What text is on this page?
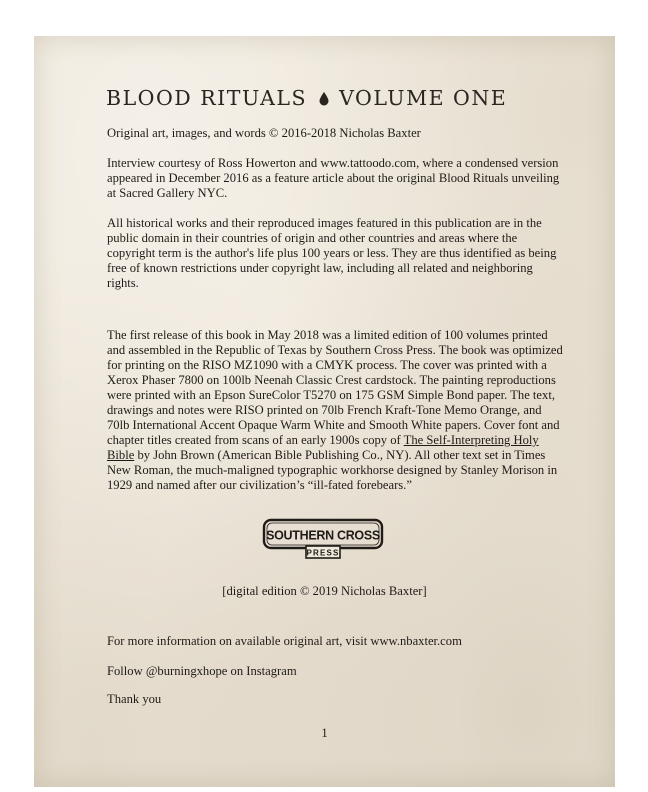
BLOOD RITUALS VOLUME ONE

Original art, images, and words © 2016-2018 Nicholas Baxter

Interview courtesy of Ross Howerton and www.tattoodo.com, where a condensed version appeared in December 2016 as a feature article about the original Blood Rituals unveiling at Sacred Gallery NYC.

All historical works and their reproduced images featured in this publication are in the public domain in their countries of origin and other countries and areas where the copyright term is the author's life plus 100 years or less. They are thus identified as being free of known restrictions under copyright law, including all related and neighboring rights.

The first release of this book in May 2018 was a limited edition of 100 volumes printed and assembled in the Republic of Texas by Southern Cross Press. The book was optimized for printing on the RISO MZ1090 with a CMYK process. The cover was printed with a Xerox Phaser 7800 on 100lb Neenah Classic Crest cardstock. The painting reproductions were printed with an Epson SureColor T5270 on 175 GSM Simple Bond paper. The text, drawings and notes were RISO printed on 70lb French Kraft-Tone Memo Orange, and 70lb International Accent Opaque Warm White and Smooth White papers. Cover font and chapter titles created from scans of an early 1900s copy of The Self-Interpreting Holy Bible by John Brown (American Bible Publishing Co., NY). All other text set in Times New Roman, the much-maligned typographic workhorse designed by Stanley Morison in 1929 and named after our civilization’s “ill-fated forebears.”

SOUTHERN CROSS
PRESS

[digital edition © 2019 Nicholas Baxter]

For more information on available original art, visit www.nbaxter.com

Follow @burningxhope on Instagram

Thank you

1
